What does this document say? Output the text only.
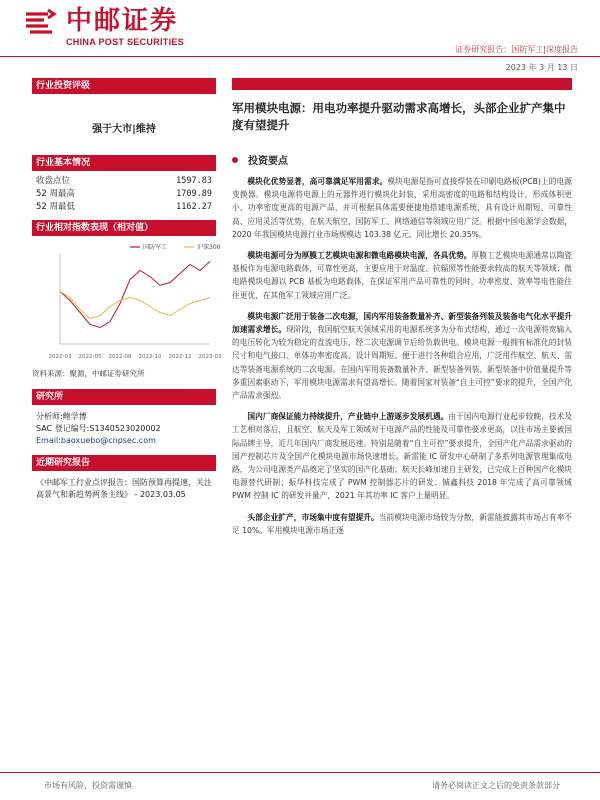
中邮证券
CHINA POST SECURITIES
证券研究报告：国防军工|深度报告
2023 年 3 月 13 日
行业投资评级
强于大市|维持
行业基本情况
收盘点位	1597.83
52 周最高	1709.89
52 周最低	1162.27
行业相对指数表现（相对值）
2022-03 2022-05 2022-08 2022-10 2022-12 2023-03
国防军工	沪深300
资料来源：聚源，中邮证券研究所
研究所
分析师:鲍学博
SAC 登记编号:S1340523020002
Email:baoxuebo@cnpsec.com
近期研究报告
《中邮军工行业点评报告：国防预算再提速，关注高景气和新趋势两条主线》 - 2023.03.05
军用模块电源：用电功率提升驱动需求高增长，头部企业扩产集中度有望提升
投资要点

模块化优势显著，高可靠满足军用需求。模块电源是指可直接焊装在印刷电路板(PCB)上的电源变换器。模块电源将电源上的元器件进行模块化封装，采用高密度的电路和结构设计，形成体积更小、功率密度更高的电源产品，并可根据具体需要便捷地搭建电源系统，具有设计周期短、可靠性高、应用灵活等优势，在航天航空、国防军工、网络通信等领域应用广泛。根据中国电源学会数据，2020 年我国模块电源行业市场规模达 103.38 亿元，同比增长 20.35%。

模块电源可分为厚膜工艺模块电源和微电路模块电源，各具优势。厚膜工艺模块电源通常以陶瓷基板作为电源电路载体，可靠性更高，主要应用于对温度、抗辐照等性能要求较高的航天等领域；微电路模块电源以 PCB 基板为电路载体，在保证军用产品可靠性的同时，功率密度、效率等电性能往往更优，在其他军工领域应用广泛。

模块电源广泛用于装备二次电源，国内军用装备数量补齐、新型装备列装及装备电气化水平提升加速需求增长。现阶段，我国航空航天领域采用的电源系统多为分布式结构，通过一次电源将宽输入的电压转化为较为稳定的直流电压，经二次电源调节后给负载供电。模块电源一般拥有标准化的封装尺寸和电气接口、单体功率密度高、设计周期短、便于进行各种组合应用，广泛用作航空、航天、雷达等装备电源系统的二次电源。在国内军用装备数量补齐、新型装备列装、新型装备中价值量提升等多重因素驱动下，军用模块电源需求有望高增长。随着国家对装备“自主可控”要求的提升，全国产化产品需求强烈。

国内厂商保证能力持续提升，产业链中上游逐步发展机遇。由于国内电源行业起步较晚，技术及工艺相对落后，且航空、航天及军工领域对于电源产品的性能及可靠性要求更高，以往市场主要被国际品牌主导，近几年国内厂商发展迅速。特别是随着“自主可控”要求提升，全国产化产品需求驱动的国产控制芯片及全国产化模块电源市场快速增长。新雷能 IC 研发中心研制了多系列电源管理集成电路，为公司电源类产品奠定了坚实的国产化基础；航天长峰加速自主研发，已完成上百种国产化模块电源替代研制；振华科技完成了 PWM 控制器芯片的研发；铖鑫科技 2018 年完成了高可靠领域 PWM 控制 IC 的研发并量产，2021 年其功率 IC 客户上量明显。

头部企业扩产，市场集中度有望提升。当前模块电源市场较为分散，新雷能披露其市场占有率不足 10%。军用模块电源市场正逐

市场有风险，投资需谨慎	请务必阅读正文之后的免责条款部分
